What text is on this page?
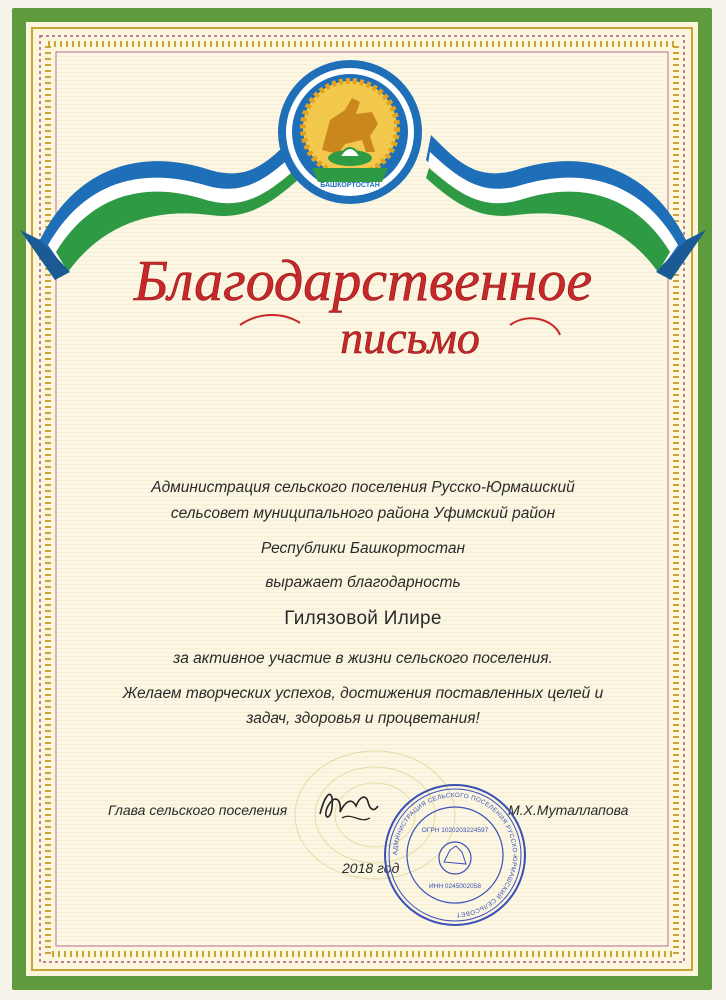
БАШКОРТОСТАН
Благодарственное
письмо
Администрация сельского поселения Русско-Юрмашский
сельсовет муниципального района Уфимский район
Республики Башкортостан
выражает благодарность
Гилязовой Илире
за активное участие в жизни сельского поселения.
Желаем творческих успехов, достижения поставленных целей и
задач, здоровья и процветания!
Глава сельского поселения	М.Х.Муталлапова
2018 год
АДМИНИСТРАЦИЯ СЕЛЬСКОГО ПОСЕЛЕНИЯ РУССКО-ЮРМАШСКИЙ СЕЛЬСОВЕТ
ОГРН 1020203224597
ИНН 0245002058
